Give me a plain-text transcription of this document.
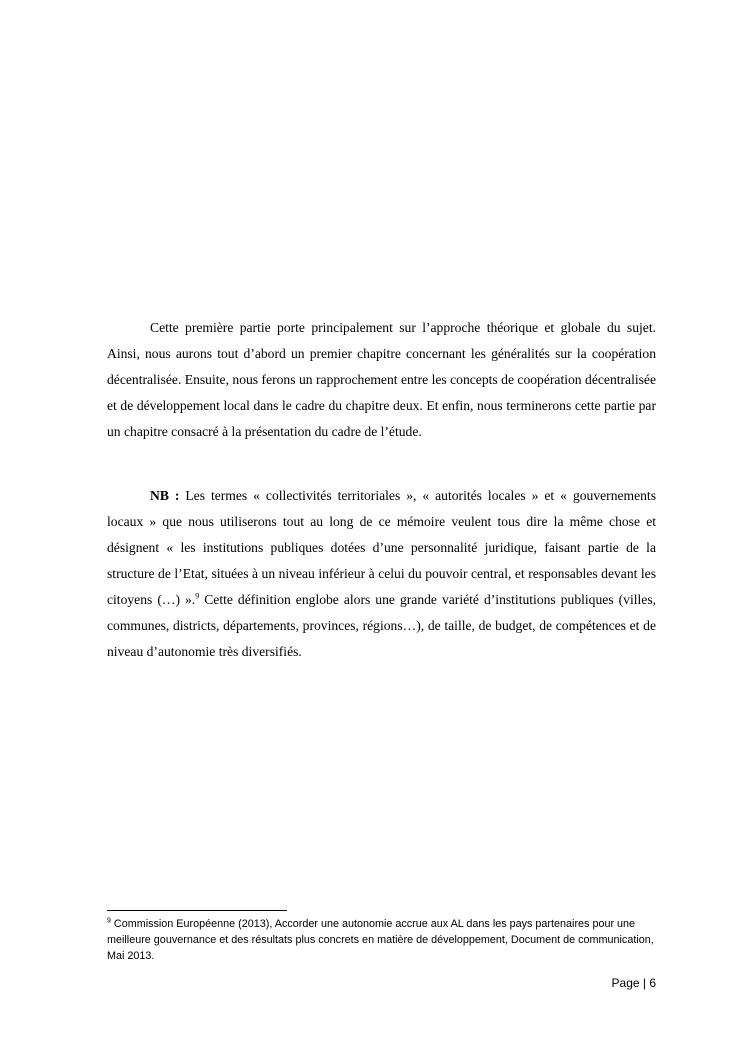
Cette première partie porte principalement sur l’approche théorique et globale du sujet. Ainsi, nous aurons tout d’abord un premier chapitre concernant les généralités sur la coopération décentralisée. Ensuite, nous ferons un rapprochement entre les concepts de coopération décentralisée et de développement local dans le cadre du chapitre deux. Et enfin, nous terminerons cette partie par un chapitre consacré à la présentation du cadre de l’étude.

NB : Les termes « collectivités territoriales », « autorités locales » et « gouvernements locaux » que nous utiliserons tout au long de ce mémoire veulent tous dire la même chose et désignent « les institutions publiques dotées d’une personnalité juridique, faisant partie de la structure de l’Etat, situées à un niveau inférieur à celui du pouvoir central, et responsables devant les citoyens (…) ».$^9$ Cette définition englobe alors une grande variété d’institutions publiques (villes, communes, districts, départements, provinces, régions…), de taille, de budget, de compétences et de niveau d’autonomie très diversifiés.

$^9$ Commission Européenne (2013), Accorder une autonomie accrue aux AL dans les pays partenaires pour une meilleure gouvernance et des résultats plus concrets en matière de développement, Document de communication, Mai 2013.
Page | 6
